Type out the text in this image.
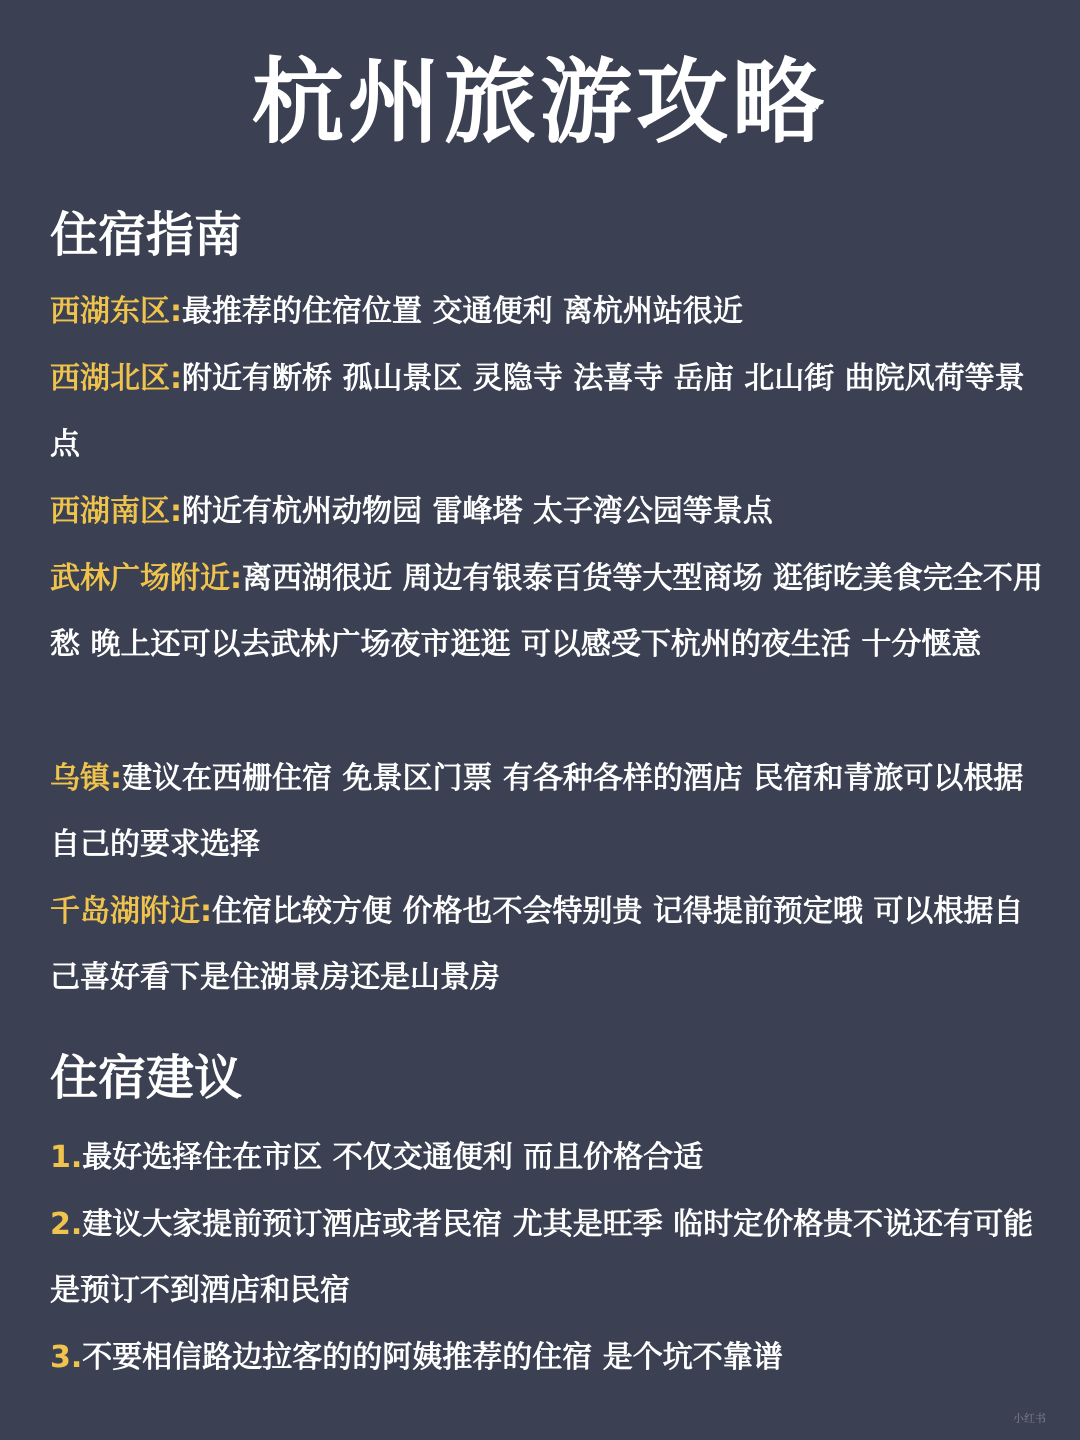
杭州旅游攻略
住宿指南
西湖东区:最推荐的住宿位置 交通便利 离杭州站很近
西湖北区:附近有断桥 孤山景区 灵隐寺 法喜寺 岳庙 北山街 曲院风荷等景点
西湖南区:附近有杭州动物园 雷峰塔 太子湾公园等景点
武林广场附近:离西湖很近 周边有银泰百货等大型商场 逛街吃美食完全不用愁 晚上还可以去武林广场夜市逛逛 可以感受下杭州的夜生活 十分惬意
乌镇:建议在西栅住宿 免景区门票 有各种各样的酒店 民宿和青旅可以根据自己的要求选择
千岛湖附近:住宿比较方便 价格也不会特别贵 记得提前预定哦 可以根据自己喜好看下是住湖景房还是山景房
住宿建议
1.最好选择住在市区 不仅交通便利 而且价格合适
2.建议大家提前预订酒店或者民宿 尤其是旺季 临时定价格贵不说还有可能是预订不到酒店和民宿
3.不要相信路边拉客的的阿姨推荐的住宿 是个坑不靠谱
小红书
